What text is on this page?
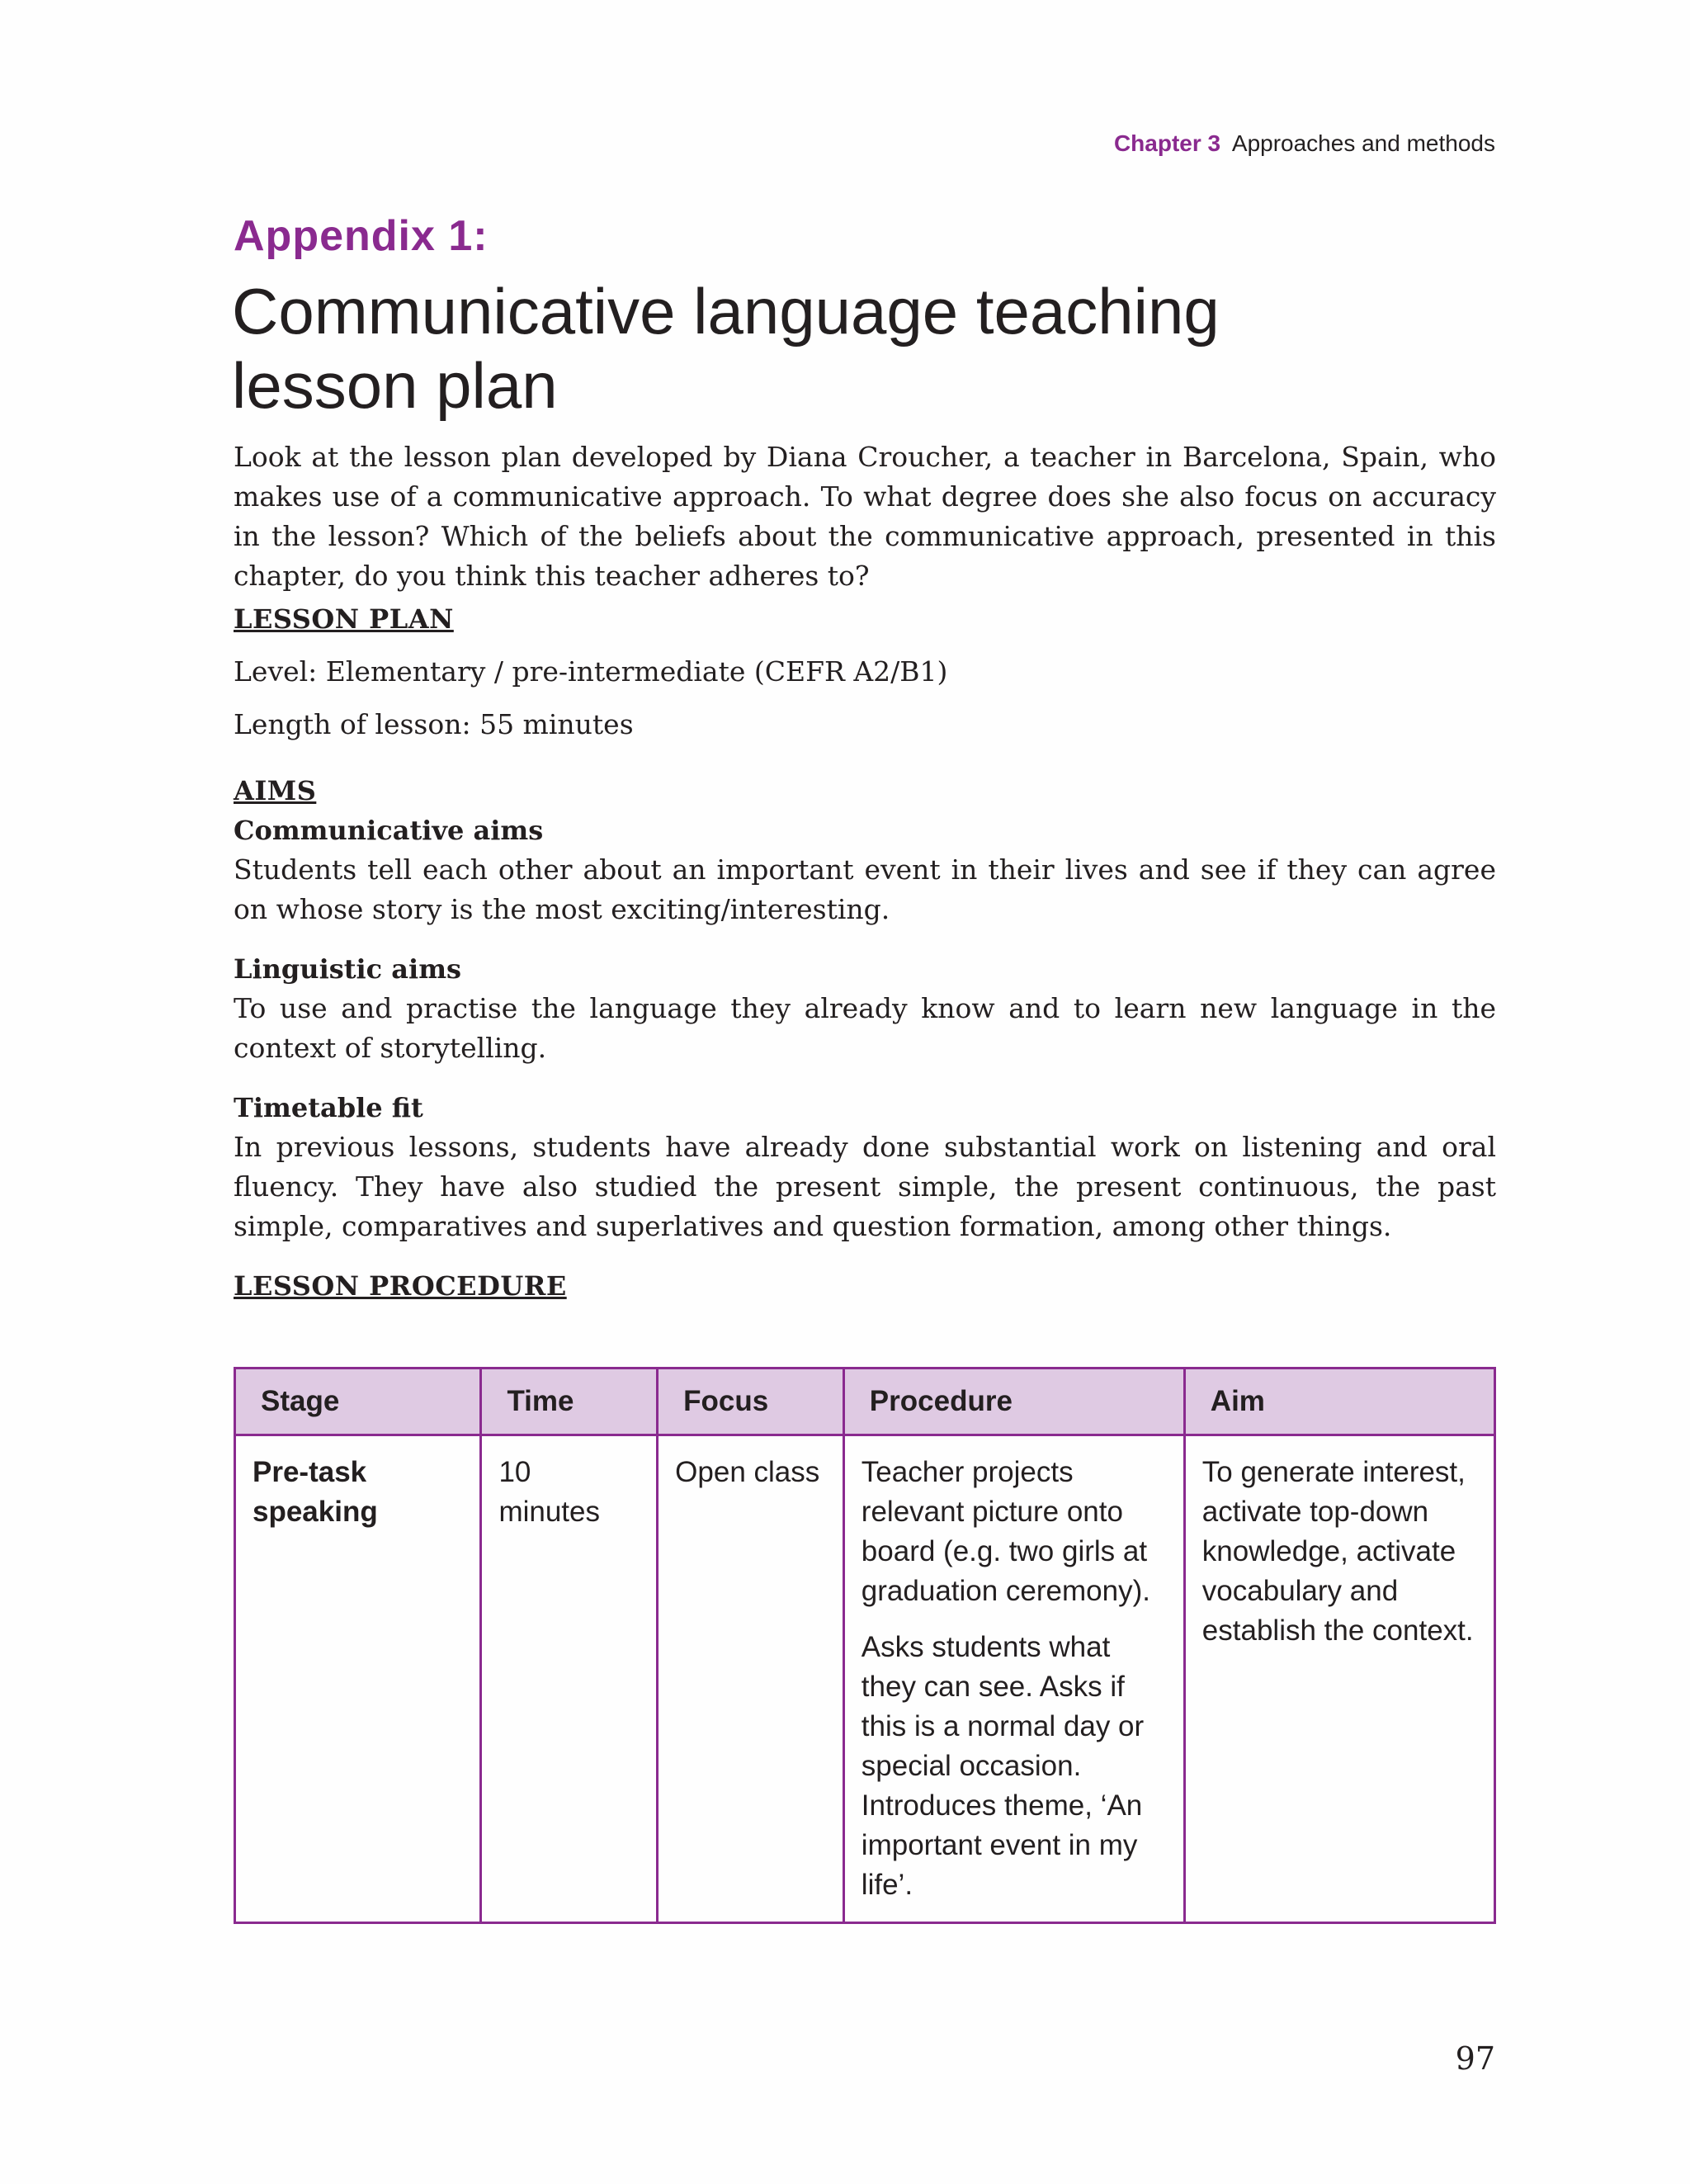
Chapter 3 Approaches and methods
Appendix 1:
Communicative language teaching lesson plan

Look at the lesson plan developed by Diana Croucher, a teacher in Barcelona, Spain, who makes use of a communicative approach. To what degree does she also focus on accuracy in the lesson? Which of the beliefs about the communicative approach, presented in this chapter, do you think this teacher adheres to?

LESSON PLAN
Level: Elementary / pre-intermediate (CEFR A2/B1)
Length of lesson: 55 minutes
AIMS
Communicative aims

Students tell each other about an important event in their lives and see if they can agree on whose story is the most exciting/interesting.

Linguistic aims

To use and practise the language they already know and to learn new language in the context of storytelling.

Timetable fit

In previous lessons, students have already done substantial work on listening and oral fluency. They have also studied the present simple, the present continuous, the past simple, comparatives and superlatives and question formation, among other things.

LESSON PROCEDURE
Stage	Time	Focus	Procedure	Aim
Pre-task speaking	10 minutes	Open class	Teacher projects relevant picture onto board (e.g. two girls at graduation ceremony).

Asks students what they can see. Asks if this is a normal day or special occasion. Introduces theme, ‘An important event in my life’.	To generate interest, activate top-down knowledge, activate vocabulary and establish the context.
97
